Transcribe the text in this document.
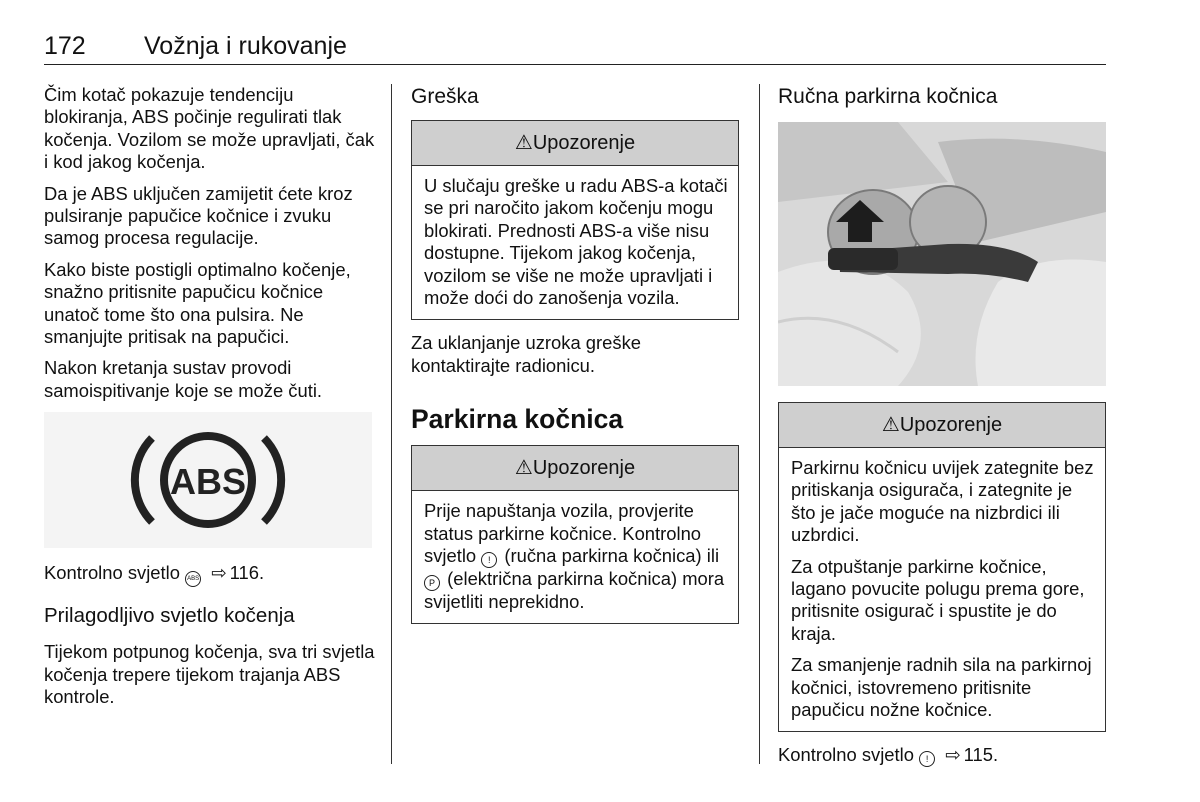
172 Vožnja i rukovanje

Čim kotač pokazuje tendenciju blokiranja, ABS počinje regulirati tlak kočenja. Vozilom se može upravljati, čak i kod jakog kočenja.

Da je ABS uključen zamijetit ćete kroz pulsiranje papučice kočnice i zvuku samog procesa regulacije.

Kako biste postigli optimalno kočenje, snažno pritisnite papučicu kočnice unatoč tome što ona pulsira. Ne smanjujte pritisak na papučici.

Nakon kretanja sustav provodi samoispitivanje koje se može čuti.

ABS

Kontrolno svjetlo ABS ⇨ 116.

Prilagodljivo svjetlo kočenja

Tijekom potpunog kočenja, sva tri svjetla kočenja trepere tijekom trajanja ABS kontrole.

Greška
⚠Upozorenje

U slučaju greške u radu ABS-a kotači se pri naročito jakom kočenju mogu blokirati. Prednosti ABS-a više nisu dostupne. Tijekom jakog kočenja, vozilom se više ne može upravljati i može doći do zanošenja vozila.

Za uklanjanje uzroka greške kontaktirajte radionicu.

Parkirna kočnica
⚠Upozorenje

Prije napuštanja vozila, provjerite status parkirne kočnice. Kontrolno svjetlo ! (ručna parkirna kočnica) ili P (električna parkirna kočnica) mora svijetliti neprekidno.

Ručna parkirna kočnica
⚠Upozorenje

Parkirnu kočnicu uvijek zategnite bez pritiskanja osigurača, i zategnite je što je jače moguće na nizbrdici ili uzbrdici.

Za otpuštanje parkirne kočnice, lagano povucite polugu prema gore, pritisnite osigurač i spustite je do kraja.

Za smanjenje radnih sila na parkirnoj kočnici, istovremeno pritisnite papučicu nožne kočnice.

Kontrolno svjetlo ! ⇨ 115.
